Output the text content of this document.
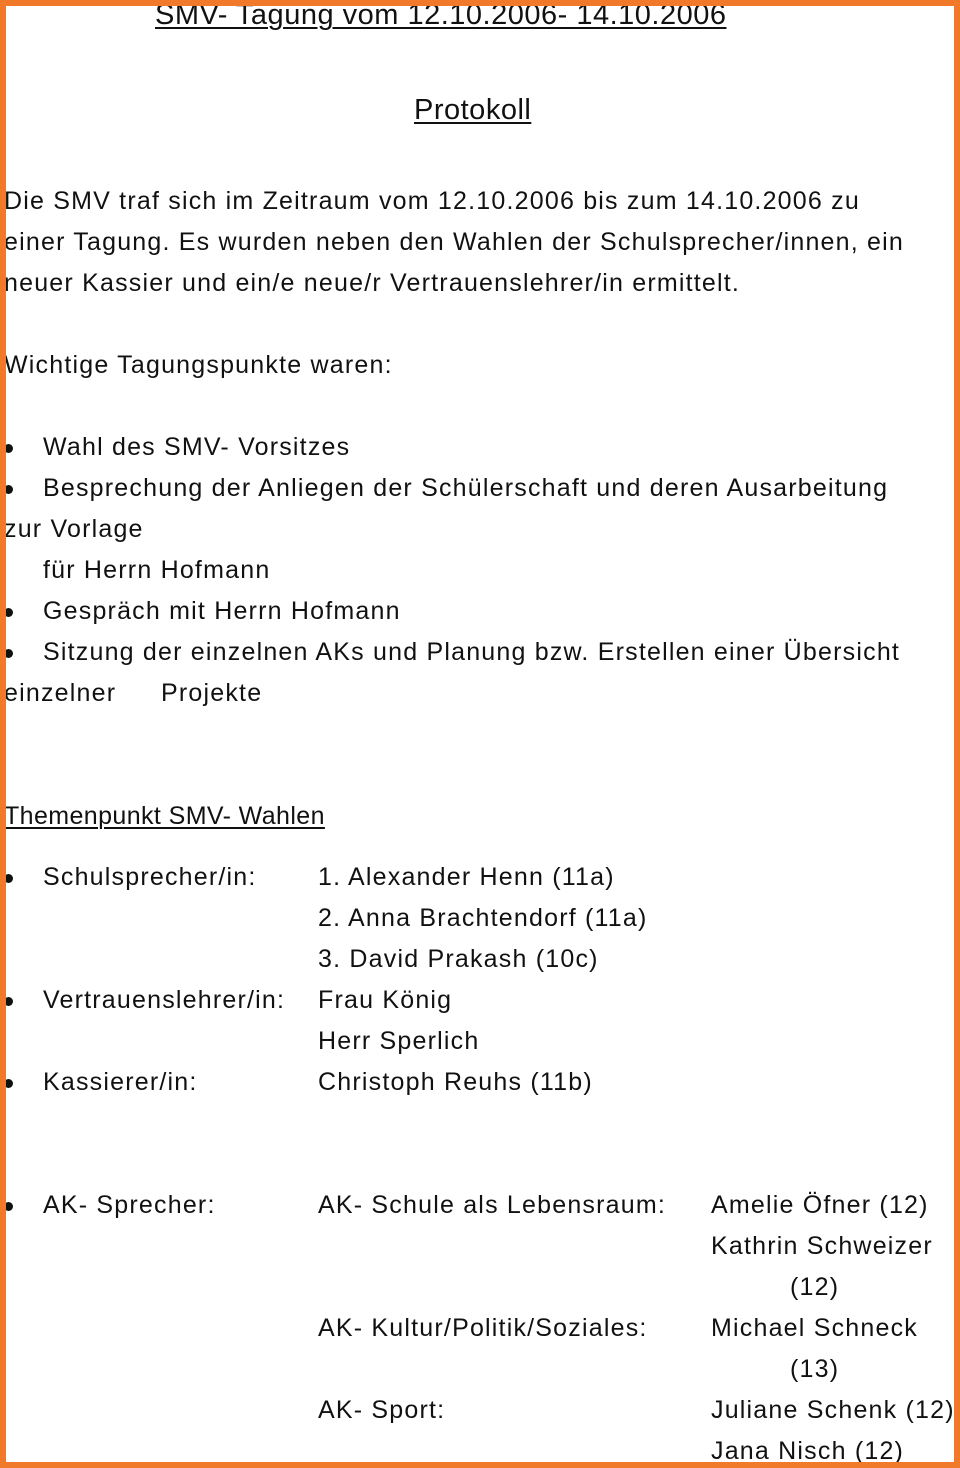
SMV- Tagung vom 12.10.2006- 14.10.2006
Protokoll
Die SMV traf sich im Zeitraum vom 12.10.2006 bis zum 14.10.2006 zu
einer Tagung. Es wurden neben den Wahlen der Schulsprecher/innen, ein
neuer Kassier und ein/e neue/r Vertrauenslehrer/in ermittelt.
Wichtige Tagungspunkte waren:
Wahl des SMV- Vorsitzes
Besprechung der Anliegen der Schülerschaft und deren Ausarbeitung
zur Vorlage
für Herrn Hofmann
Gespräch mit Herrn Hofmann
Sitzung der einzelnen AKs und Planung bzw. Erstellen einer Übersicht
einzelner Projekte
Themenpunkt SMV- Wahlen
Schulsprecher/in: 1. Alexander Henn (11a)
2. Anna Brachtendorf (11a)
3. David Prakash (10c)
Vertrauenslehrer/in: Frau König
Herr Sperlich
Kassierer/in:	Christoph Reuhs (11b)
AK- Sprecher:	AK- Schule als Lebensraum: Amelie Öfner (12)
Kathrin Schweizer
(12)
AK- Kultur/Politik/Soziales:	Michael Schneck
(13)
AK- Sport:	Juliane Schenk (12)
Jana Nisch (12)
